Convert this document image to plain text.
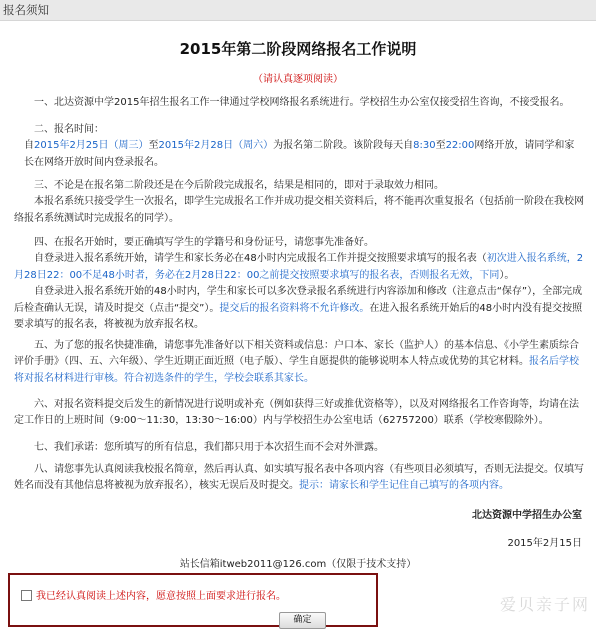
报名须知
2015年第二阶段网络报名工作说明
（请认真逐项阅读）
一、北达资源中学2015年招生报名工作一律通过学校网络报名系统进行。学校招生办公室仅接受招生咨询，不接受报名。
二、报名时间：
自2015年2月25日（周三）至2015年2月28日（周六）为报名第二阶段。该阶段每天自8:30至22:00网络开放，请同学和家长在网络开放时间内登录报名。
三、不论是在报名第二阶段还是在今后阶段完成报名，结果是相同的，即对于录取效力相同。
本报名系统只接受学生一次报名，即学生完成报名工作并成功提交相关资料后，将不能再次重复报名（包括前一阶段在我校网络报名系统测试时完成报名的同学）。
四、在报名开始时，要正确填写学生的学籍号和身份证号，请您事先准备好。
自登录进入报名系统开始，请学生和家长务必在48小时内完成报名工作并提交按照要求填写的报名表（初次进入报名系统，2月28日22：00不足48小时者，务必在2月28日22：00之前提交按照要求填写的报名表，否则报名无效，下同）。
自登录进入报名系统开始的48小时内，学生和家长可以多次登录报名系统进行内容添加和修改（注意点击“保存”），全部完成后检查确认无误，请及时提交（点击“提交”）。提交后的报名资料将不允许修改。在进入报名系统开始后的48小时内没有提交按照要求填写的报名表，将被视为放弃报名权。
五、为了您的报名快捷准确，请您事先准备好以下相关资料或信息：户口本、家长（监护人）的基本信息、《小学生素质综合评价手册》（四、五、六年级）、学生近期正面近照（电子版）、学生自愿提供的能够说明本人特点或优势的其它材料。报名后学校将对报名材料进行审核。符合初选条件的学生，学校会联系其家长。
六、对报名资料提交后发生的新情况进行说明或补充（例如获得三好或推优资格等），以及对网络报名工作咨询等，均请在法定工作日的上班时间（9:00～11:30，13:30～16:00）内与学校招生办公室电话（62757200）联系（学校寒假除外）。
七、我们承诺：您所填写的所有信息，我们都只用于本次招生而不会对外泄露。
八、请您事先认真阅读我校报名简章，然后再认真、如实填写报名表中各项内容（有些项目必须填写，否则无法提交。仅填写姓名而没有其他信息将被视为放弃报名），核实无误后及时提交。提示：请家长和学生记住自己填写的各项内容。
北达资源中学招生办公室
2015年2月15日
站长信箱itweb2011@126.com（仅限于技术支持）
我已经认真阅读上述内容，愿意按照上面要求进行报名。
确定
爱贝亲子网
